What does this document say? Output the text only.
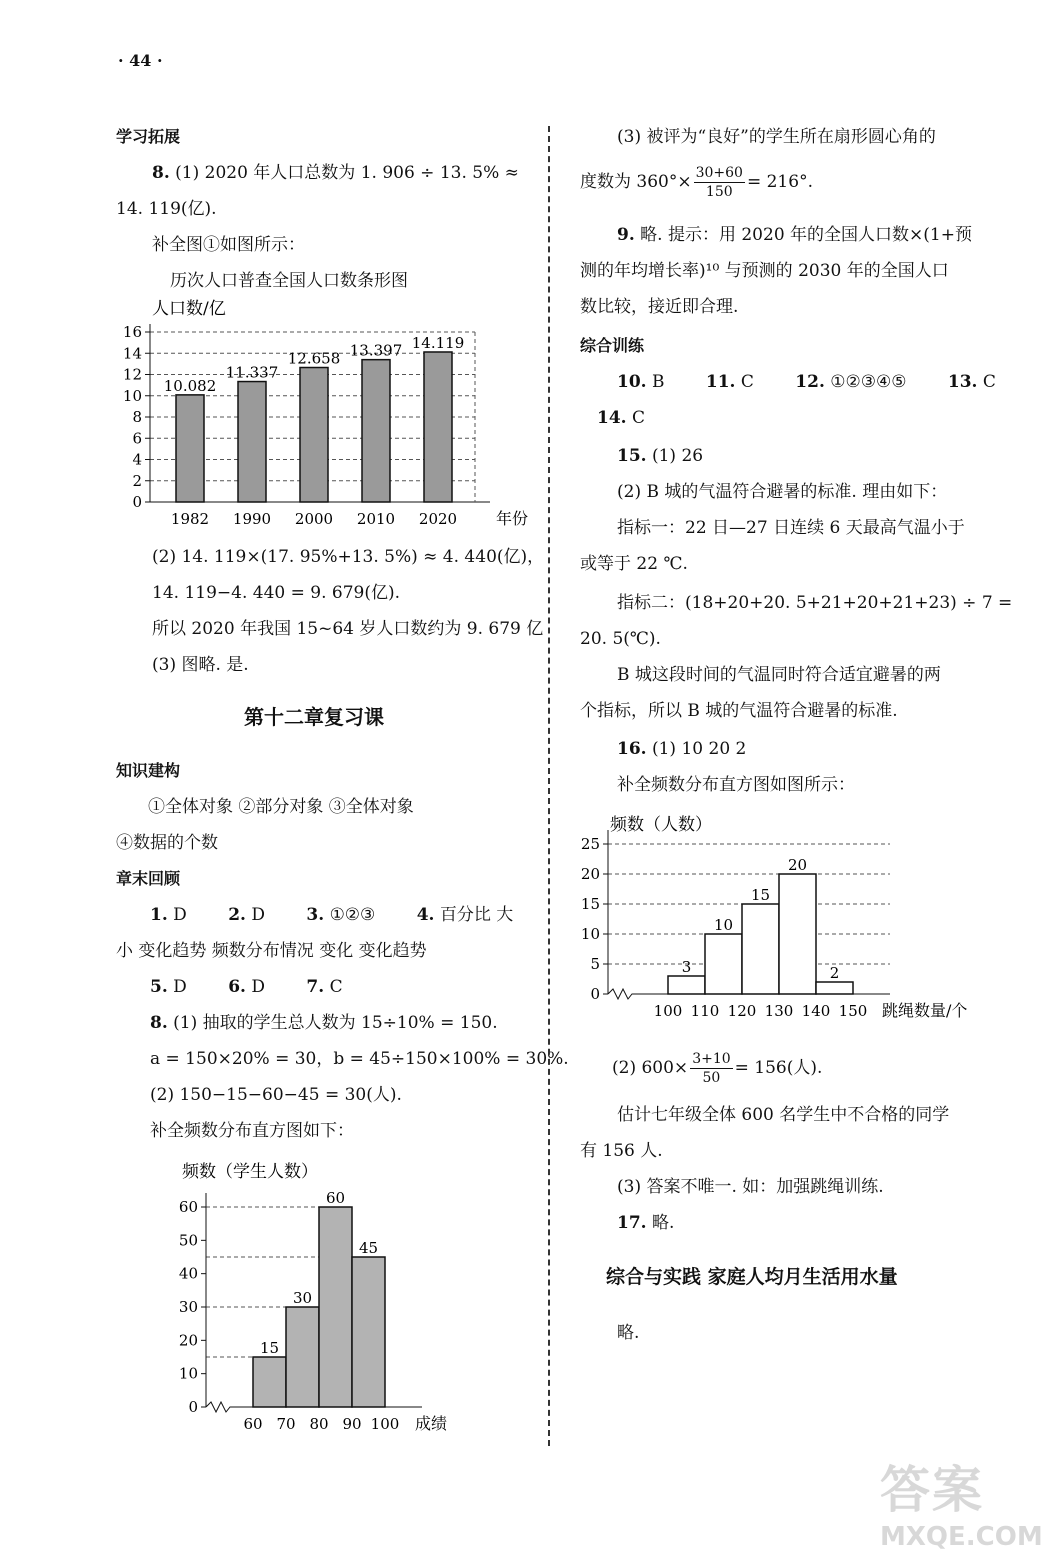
· 44 ·
学习拓展
8. (1) 2020 年人口总数为 1. 906 ÷ 13. 5% ≈
14. 119(亿).
补全图①如图所示：
历次人口普查全国人口数条形图
人口数/亿
0
2
4
6
8
10
12
14
16
10.082
1982
11.337
1990
12.658
2000
13.397
2010
14.119
2020 年份
(2) 14. 119×(17. 95%+13. 5%) ≈ 4. 440(亿)，
14. 119−4. 440 = 9. 679(亿).
所以 2020 年我国 15~64 岁人口数约为 9. 679 亿
(3) 图略. 是.
第十二章复习课
知识建构
①全体对象 ②部分对象 ③全体对象
④数据的个数
章末回顾
1. D 2. D 3. ①②③ 4. 百分比 大
小 变化趋势 频数分布情况 变化 变化趋势
5. D 6. D 7. C
8. (1) 抽取的学生总人数为 15÷10% = 150.
a = 150×20% = 30，b = 45÷150×100% = 30%.
(2) 150−15−60−45 = 30(人).
补全频数分布直方图如下：
频数（学生人数）
0
10
20
30
40
50
60
15
30
60
45
60 70 80 90 100 成绩
(3) 被评为“良好”的学生所在扇形圆心角的
度数为 $360^\circ\times \frac{30+60}{150} = 216^\circ$.
9. 略. 提示：用 2020 年的全国人口数×(1+预
测的年均增长率)¹⁰ 与预测的 2030 年的全国人口
数比较，接近即合理.
综合训练
10. B 11. C 12. ①②③④⑤ 13. C
14. C
15. (1) 26
(2) B 城的气温符合避暑的标准. 理由如下：
指标一：22 日—27 日连续 6 天最高气温小于
或等于 22 ℃.
指标二：(18+20+20. 5+21+20+21+23) ÷ 7 =
20. 5(℃).
B 城这段时间的气温同时符合适宜避暑的两
个指标，所以 B 城的气温符合避暑的标准.
16. (1) 10 20 2
补全频数分布直方图如图所示：
频数（人数）
0
5
10
15
20
25
3
10
15
20
2
100 110 120 130 140 150 跳绳数量/个
(2) $600\times \frac{3+10}{50} = 156$(人).
估计七年级全体 600 名学生中不合格的同学
有 156 人.
(3) 答案不唯一. 如：加强跳绳训练.
17. 略.
综合与实践 家庭人均月生活用水量
略.
答案
MXQE.COM
